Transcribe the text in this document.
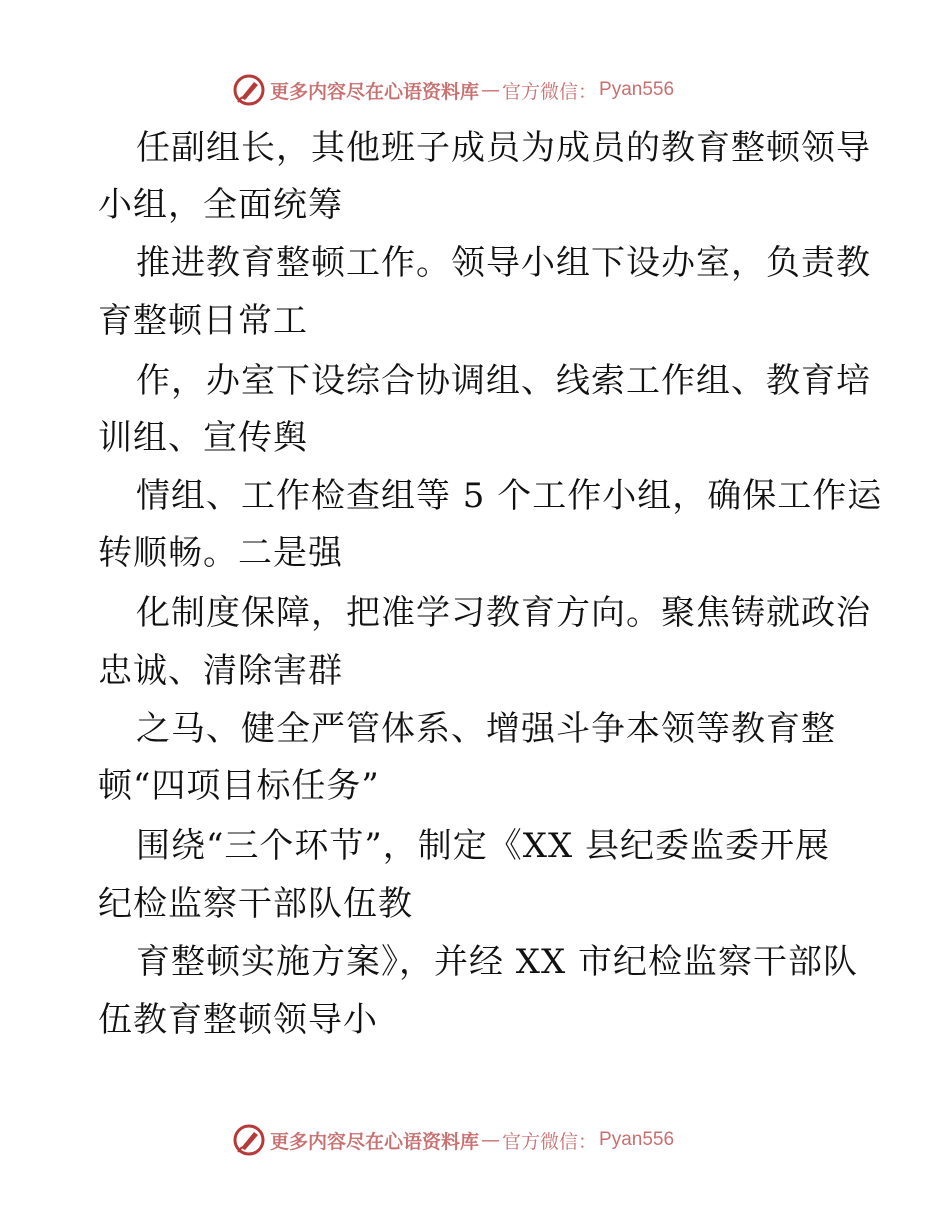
更多内容尽在心语资料库 — 官方微信： Pyan556
任副组长，其他班子成员为成员的教育整顿领导
小组，全面统筹
推进教育整顿工作。领导小组下设办室，负责教
育整顿日常工
作，办室下设综合协调组、线索工作组、教育培
训组、宣传舆
情组、工作检查组等 5 个工作小组，确保工作运
转顺畅。二是强
化制度保障，把准学习教育方向。聚焦铸就政治
忠诚、清除害群
之马、健全严管体系、增强斗争本领等教育整
顿“四项目标任务”
围绕“三个环节”，制定《XX 县纪委监委开展
纪检监察干部队伍教
育整顿实施方案》，并经 XX 市纪检监察干部队
伍教育整顿领导小
更多内容尽在心语资料库 — 官方微信： Pyan556
